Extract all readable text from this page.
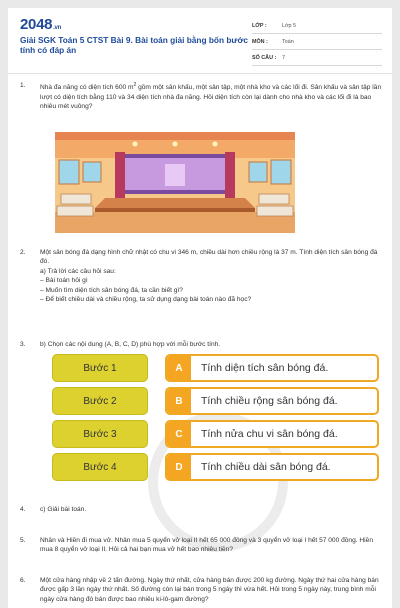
2048.vn
Giải SGK Toán 5 CTST Bài 9. Bài toán giải bằng bốn bước tính có đáp án
LỚP :	Lớp 5
MÔN :	Toán
SỐ CÂU :	7
1.	Nhà đa năng có diện tích 600 $m^2$ gồm một sân khấu, một sân tập, một nhà kho và các lối đi. Sân khấu và sân tập lần lượt có diện tích bằng 110 và 34 diện tích nhà đa năng. Hỏi diện tích còn lại dành cho nhà kho và các lối đi là bao nhiêu mét vuông?
2.	Một sân bóng đá dạng hình chữ nhật có chu vi 346 m, chiều dài hơn chiều rộng là 37 m. Tính diện tích sân bóng đá đó.
a) Trả lời các câu hỏi sau:
– Bài toán hỏi gì
– Muốn tìm diện tích sân bóng đá, ta cần biết gì?
– Để biết chiều dài và chiều rộng, ta sử dụng dạng bài toán nào đã học?
3.	b) Chọn các nội dung (A, B, C, D) phù hợp với mỗi bước tính.
Bước 1
Bước 2
Bước 3
Bước 4
A	Tính diện tích sân bóng đá.
B	Tính chiều rộng sân bóng đá.
C	Tính nửa chu vi sân bóng đá.
D	Tính chiều dài sân bóng đá.
4.	c) Giải bài toán.
5.	Nhân và Hiền đi mua vở. Nhân mua 5 quyển vở loại II hết 65 000 đồng và 3 quyển vở loại I hết 57 000 đồng. Hiền mua 8 quyển vở loại II. Hỏi cả hai bạn mua vở hết bao nhiêu tiền?
6.	Một cửa hàng nhập về 2 tấn đường. Ngày thứ nhất, cửa hàng bán được 200 kg đường. Ngày thứ hai cửa hàng bán được gấp 3 lần ngày thứ nhất. Số đường còn lại bán trong 5 ngày thì vừa hết. Hỏi trong 5 ngày này, trung bình mỗi ngày cửa hàng đó bán được bao nhiêu ki-lô-gam đường?
